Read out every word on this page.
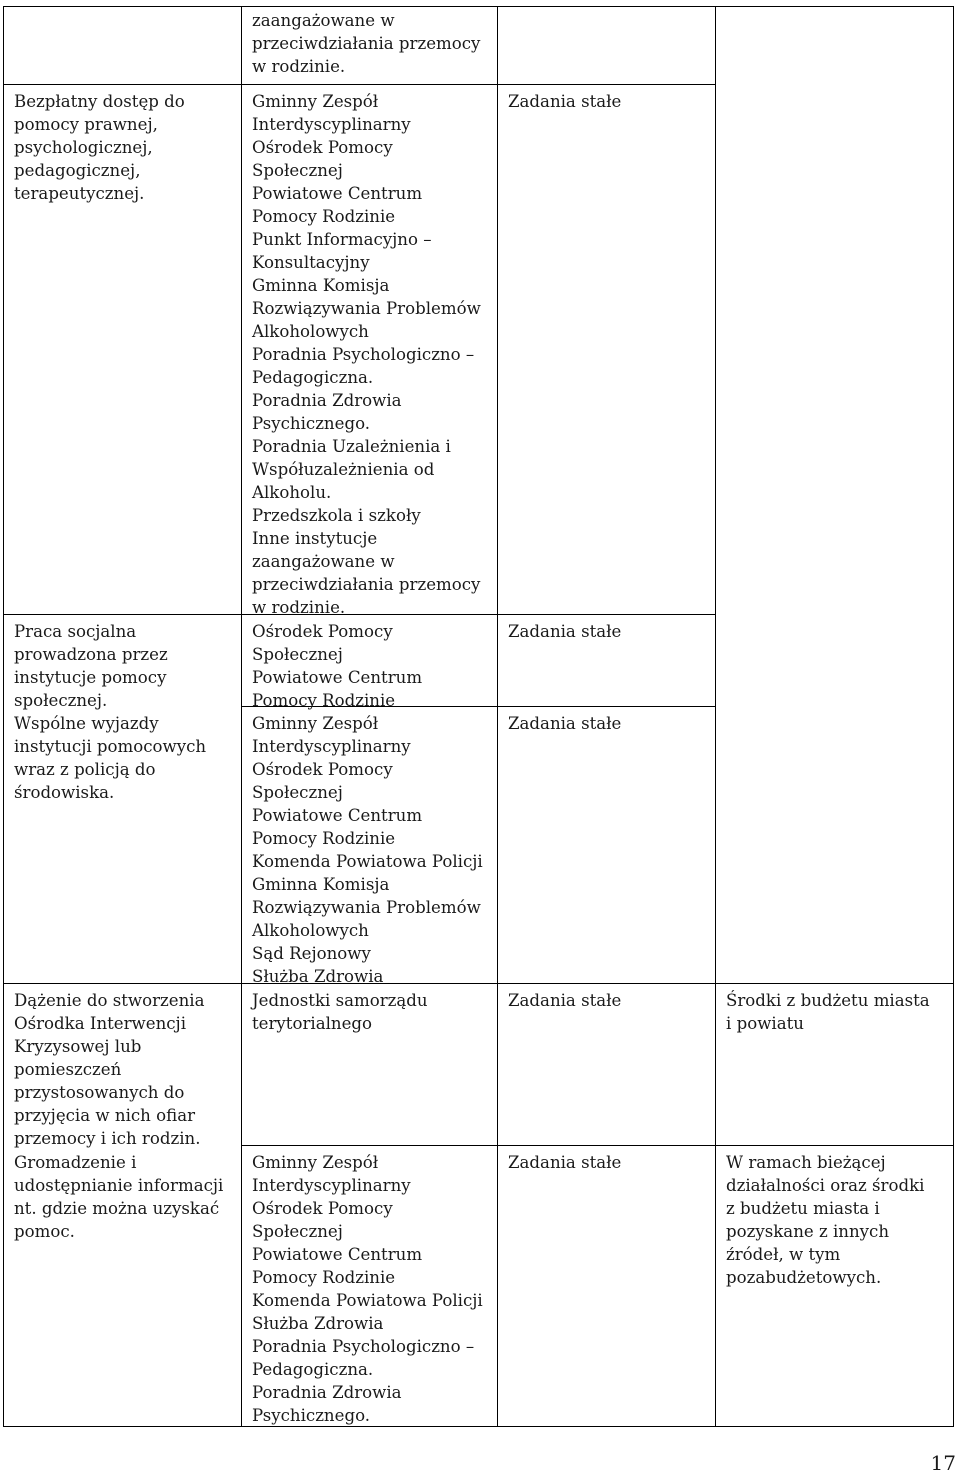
Bezpłatny dostęp do
pomocy prawnej,
psychologicznej,
pedagogicznej,
terapeutycznej.
Praca socjalna
prowadzona przez
instytucje pomocy
społecznej.
Wspólne wyjazdy
instytucji pomocowych
wraz z policją do
środowiska.
Dążenie do stworzenia
Ośrodka Interwencji
Kryzysowej lub
pomieszczeń
przystosowanych do
przyjęcia w nich ofiar
przemocy i ich rodzin.
Gromadzenie i
udostępnianie informacji
nt. gdzie można uzyskać
pomoc.
zaangażowane w
przeciwdziałania przemocy
w rodzinie.
Gminny Zespół
Interdyscyplinarny
Ośrodek Pomocy
Społecznej
Powiatowe Centrum
Pomocy Rodzinie
Punkt Informacyjno –
Konsultacyjny
Gminna Komisja
Rozwiązywania Problemów
Alkoholowych
Poradnia Psychologiczno –
Pedagogiczna.
Poradnia Zdrowia
Psychicznego.
Poradnia Uzależnienia i
Współuzależnienia od
Alkoholu.
Przedszkola i szkoły
Inne instytucje
zaangażowane w
przeciwdziałania przemocy
w rodzinie.
Ośrodek Pomocy
Społecznej
Powiatowe Centrum
Pomocy Rodzinie
Gminny Zespół
Interdyscyplinarny
Ośrodek Pomocy
Społecznej
Powiatowe Centrum
Pomocy Rodzinie
Komenda Powiatowa Policji
Gminna Komisja
Rozwiązywania Problemów
Alkoholowych
Sąd Rejonowy
Służba Zdrowia
Jednostki samorządu
terytorialnego
Gminny Zespół
Interdyscyplinarny
Ośrodek Pomocy
Społecznej
Powiatowe Centrum
Pomocy Rodzinie
Komenda Powiatowa Policji
Służba Zdrowia
Poradnia Psychologiczno –
Pedagogiczna.
Poradnia Zdrowia
Psychicznego.
Zadania stałe
Zadania stałe
Zadania stałe
Zadania stałe
Zadania stałe
Środki z budżetu miasta
i powiatu
W ramach bieżącej
działalności oraz środki
z budżetu miasta i
pozyskane z innych
źródeł, w tym
pozabudżetowych.
17
